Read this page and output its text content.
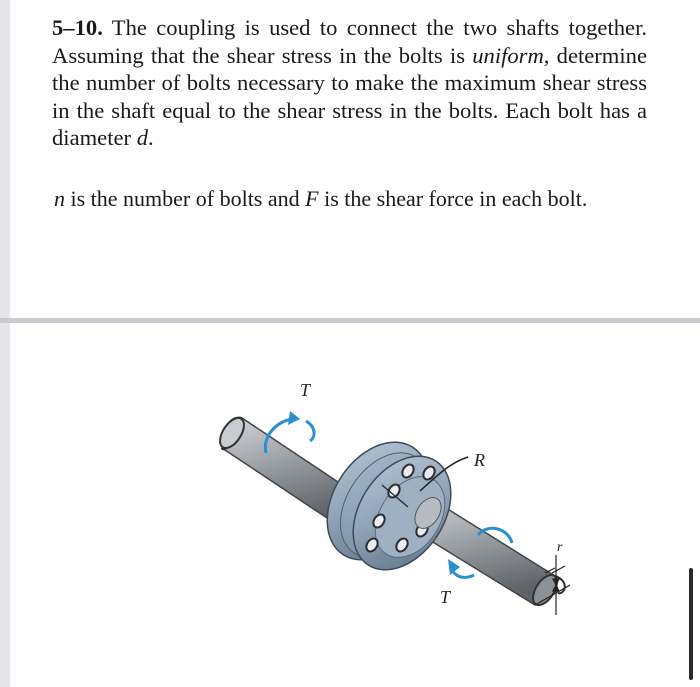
5–10. The coupling is used to connect the two shafts together. Assuming that the shear stress in the bolts is uniform, determine the number of bolts necessary to make the maximum shear stress in the shaft equal to the shear stress in the bolts. Each bolt has a diameter d.
n is the number of bolts and F is the shear force in each bolt.
T
R
T
r
